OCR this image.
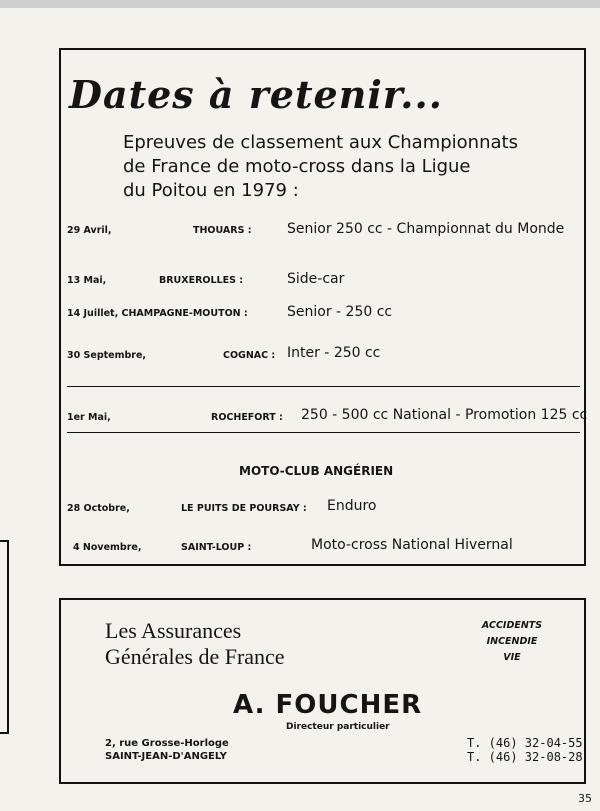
Dates à retenir...
Epreuves de classement aux Championnats
de France de moto-cross dans la Ligue
du Poitou en 1979 :
29 Avril,	THOUARS :	Senior 250 cc - Championnat du Monde
13 Mai,	BRUXEROLLES :	Side-car
14 Juillet, CHAMPAGNE-MOUTON :	Senior - 250 cc
30 Septembre,	COGNAC : Inter - 250 cc
1er Mai,	ROCHEFORT : 250 - 500 cc National - Promotion 125 cc
MOTO-CLUB ANGÉRIEN
28 Octobre,	LE PUITS DE POURSAY : Enduro
4 Novembre,	SAINT-LOUP :	Moto-cross National Hivernal
Les Assurances
Générales de France
ACCIDENTS
INCENDIE
VIE
A. FOUCHER
Directeur particulier
2, rue Grosse-Horloge
SAINT-JEAN-D'ANGELY
T. (46) 32-04-55
T. (46) 32-08-28
35
